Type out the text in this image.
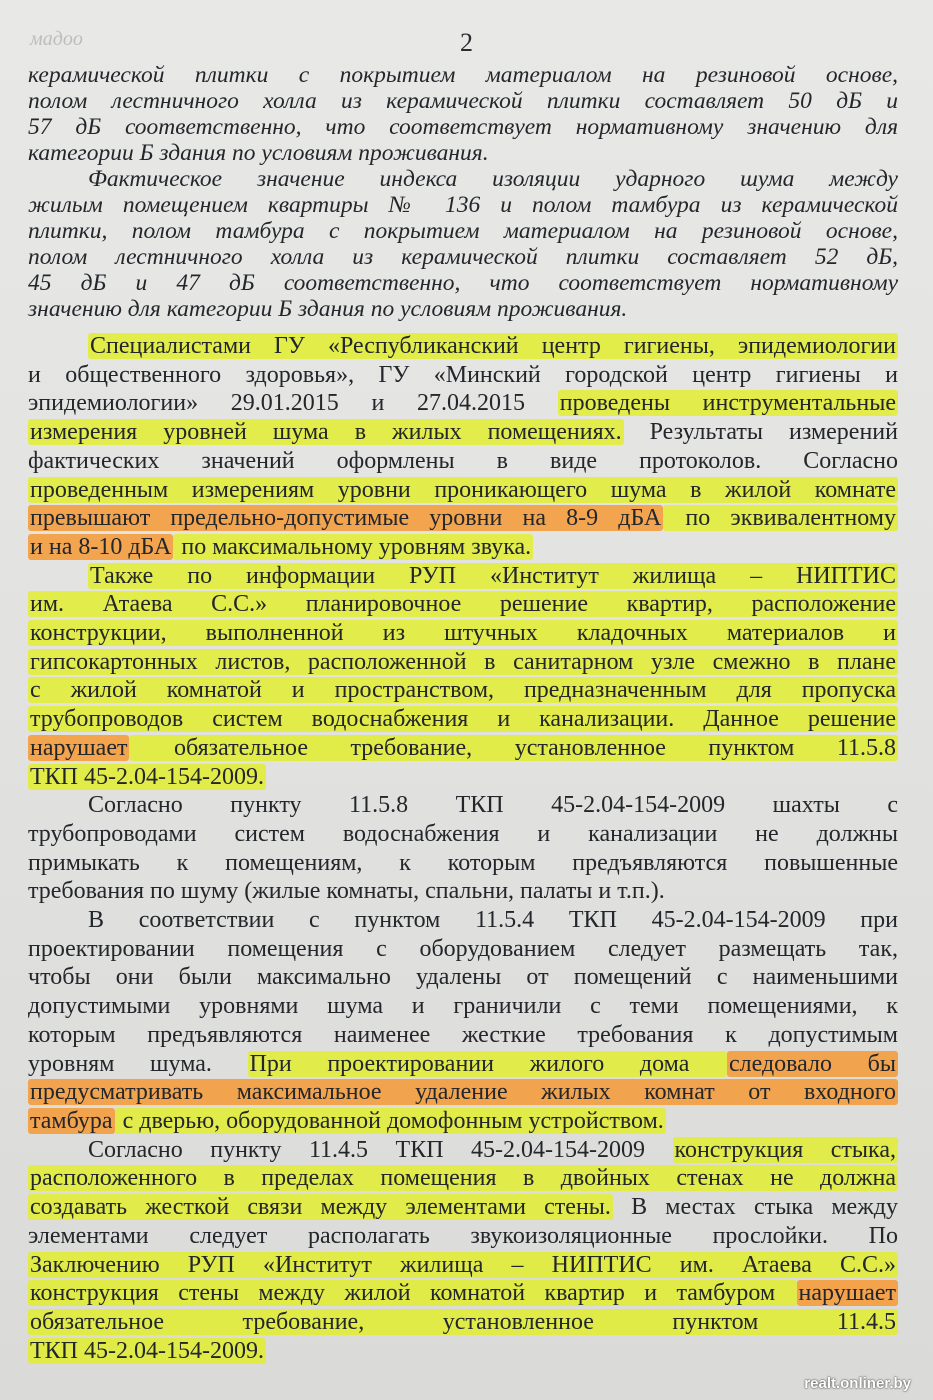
мадоо	2
керамической плитки с покрытием материалом на резиновой основе,
полом лестничного холла из керамической плитки составляет 50 дБ и
57 дБ соответственно, что соответствует нормативному значению для
категории Б здания по условиям проживания.
Фактическое значение индекса изоляции ударного шума между
жилым помещением квартиры № 136 и полом тамбура из керамической
плитки, полом тамбура с покрытием материалом на резиновой основе,
полом лестничного холла из керамической плитки составляет 52 дБ,
45 дБ и 47 дБ соответственно, что соответствует нормативному
значению для категории Б здания по условиям проживания.
Специалистами ГУ «Республиканский центр гигиены, эпидемиологии
и общественного здоровья», ГУ «Минский городской центр гигиены и
эпидемиологии» 29.01.2015 и 27.04.2015 проведены инструментальные
измерения уровней шума в жилых помещениях. Результаты измерений
фактических значений оформлены в виде протоколов. Согласно
проведенным измерениям уровни проникающего шума в жилой комнате
превышают предельно-допустимые уровни на 8-9 дБА по эквивалентному
и на 8-10 дБА по максимальному уровням звука.
Также по информации РУП «Институт жилища – НИПТИС
им. Атаева С.С.» планировочное решение квартир, расположение
конструкции, выполненной из штучных кладочных материалов и
гипсокартонных листов, расположенной в санитарном узле смежно в плане
с жилой комнатой и пространством, предназначенным для пропуска
трубопроводов систем водоснабжения и канализации. Данное решение
нарушает обязательное требование, установленное пунктом 11.5.8
ТКП 45-2.04-154-2009.
Согласно пункту 11.5.8 ТКП 45-2.04-154-2009 шахты с
трубопроводами систем водоснабжения и канализации не должны
примыкать к помещениям, к которым предъявляются повышенные
требования по шуму (жилые комнаты, спальни, палаты и т.п.).
В соответствии с пунктом 11.5.4 ТКП 45-2.04-154-2009 при
проектировании помещения с оборудованием следует размещать так,
чтобы они были максимально удалены от помещений с наименьшими
допустимыми уровнями шума и граничили с теми помещениями, к
которым предъявляются наименее жесткие требования к допустимым
уровням шума. При проектировании жилого дома следовало бы
предусматривать максимальное удаление жилых комнат от входного
тамбура с дверью, оборудованной домофонным устройством.
Согласно пункту 11.4.5 ТКП 45-2.04-154-2009 конструкция стыка,
расположенного в пределах помещения в двойных стенах не должна
создавать жесткой связи между элементами стены. В местах стыка между
элементами следует располагать звукоизоляционные прослойки. По
Заключению РУП «Институт жилища – НИПТИС им. Атаева С.С.»
конструкция стены между жилой комнатой квартир и тамбуром нарушает
обязательное требование, установленное пунктом 11.4.5
ТКП 45-2.04-154-2009.
realt.onliner.by
